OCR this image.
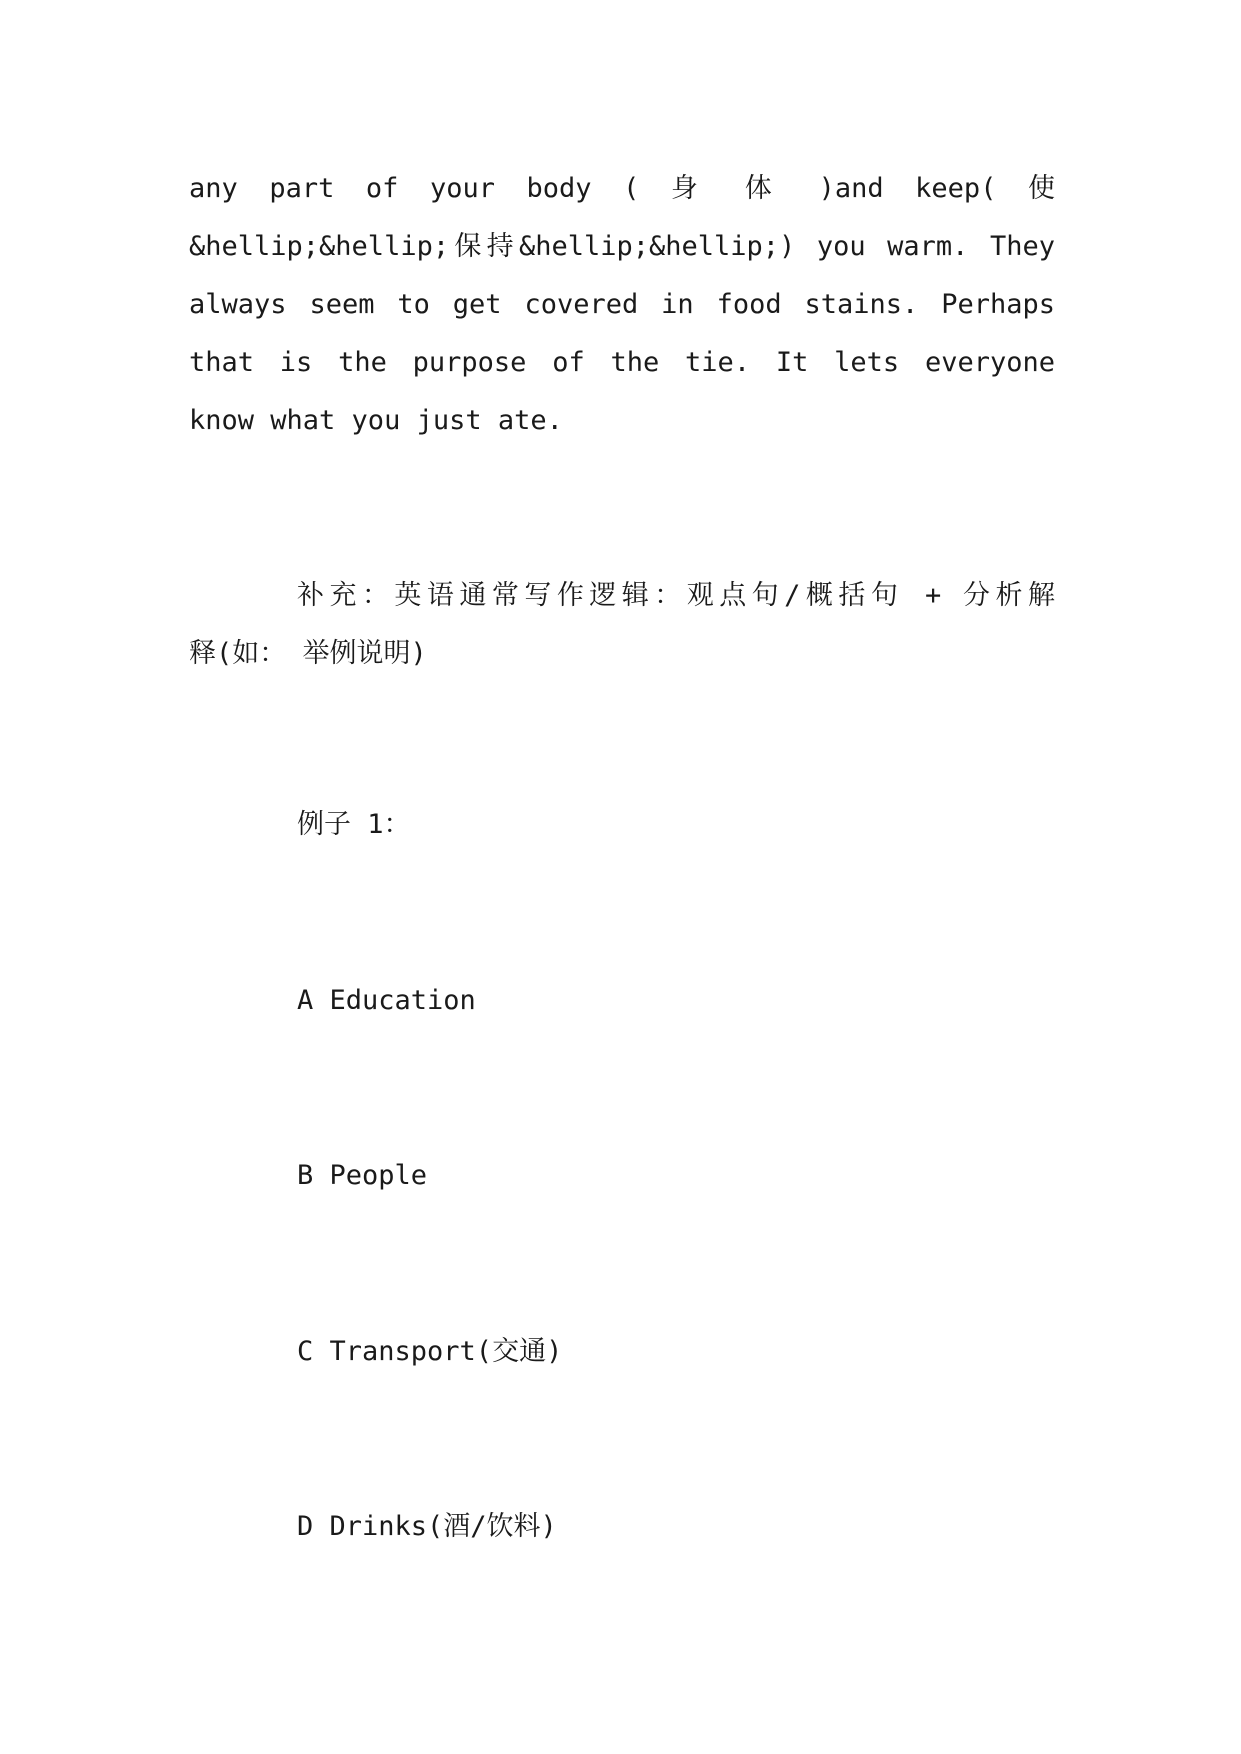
any part of your body ( 身 体 )and keep( 使
&hellip;&hellip;保持&hellip;&hellip;) you warm. They
always seem to get covered in food stains. Perhaps
that is the purpose of the tie. It lets everyone
know what you just ate.
补充：英语通常写作逻辑：观点句/概括句 + 分析解
释(如： 举例说明)

例子 1：

A Education

B People

C Transport(交通)

D Drinks(酒/饮料)
